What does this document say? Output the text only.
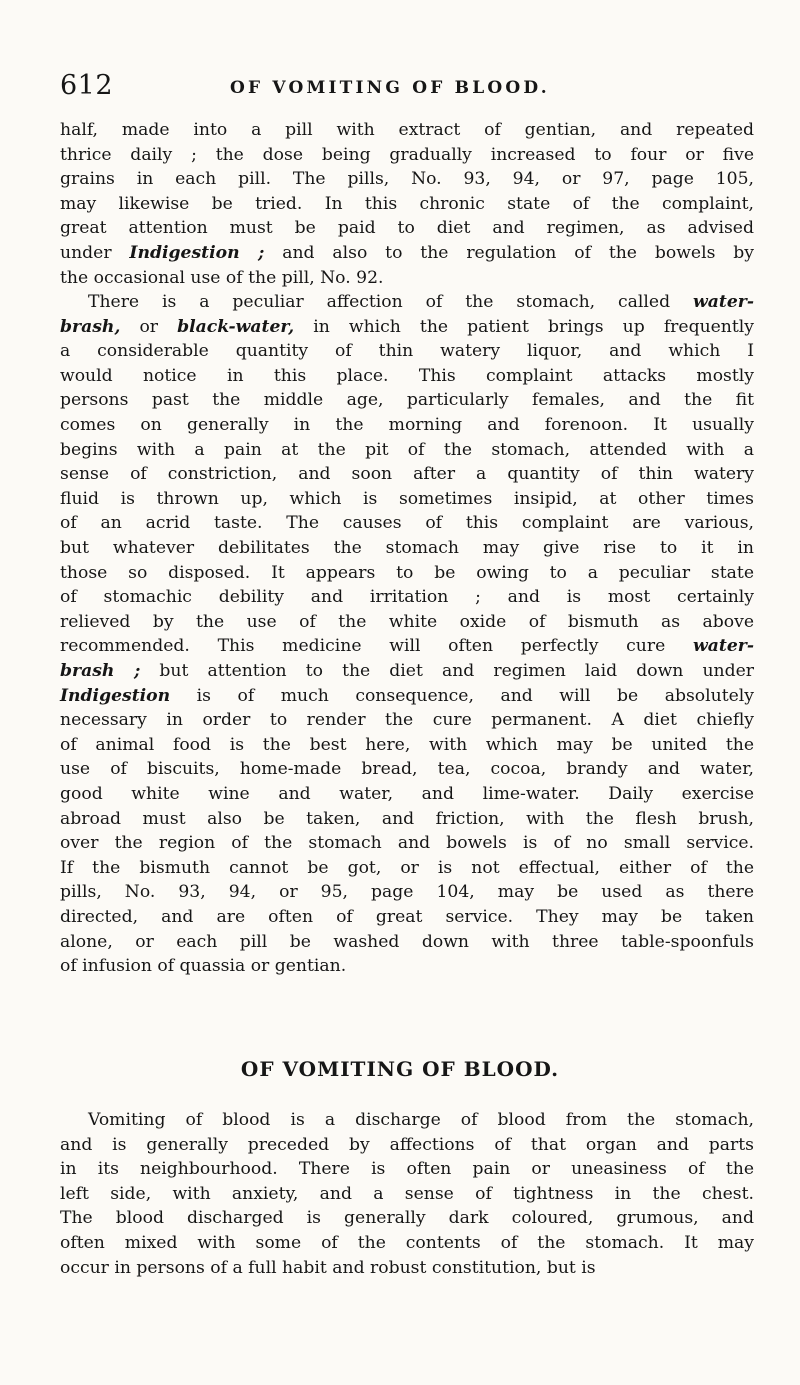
612	OF VOMITING OF BLOOD.
half, made into a pill with extract of gentian, and repeated
thrice daily ; the dose being gradually increased to four or five
grains in each pill. The pills, No. 93, 94, or 97, page 105,
may likewise be tried. In this chronic state of the complaint,
great attention must be paid to diet and regimen, as advised
under Indigestion ; and also to the regulation of the bowels by
the occasional use of the pill, No. 92.
There is a peculiar affection of the stomach, called water-
brash, or black-water, in which the patient brings up frequently
a considerable quantity of thin watery liquor, and which I
would notice in this place. This complaint attacks mostly
persons past the middle age, particularly females, and the fit
comes on generally in the morning and forenoon. It usually
begins with a pain at the pit of the stomach, attended with a
sense of constriction, and soon after a quantity of thin watery
fluid is thrown up, which is sometimes insipid, at other times
of an acrid taste. The causes of this complaint are various,
but whatever debilitates the stomach may give rise to it in
those so disposed. It appears to be owing to a peculiar state
of stomachic debility and irritation ; and is most certainly
relieved by the use of the white oxide of bismuth as above
recommended. This medicine will often perfectly cure water-
brash ; but attention to the diet and regimen laid down under
Indigestion is of much consequence, and will be absolutely
necessary in order to render the cure permanent. A diet chiefly
of animal food is the best here, with which may be united the
use of biscuits, home-made bread, tea, cocoa, brandy and water,
good white wine and water, and lime-water. Daily exercise
abroad must also be taken, and friction, with the flesh brush,
over the region of the stomach and bowels is of no small service.
If the bismuth cannot be got, or is not effectual, either of the
pills, No. 93, 94, or 95, page 104, may be used as there
directed, and are often of great service. They may be taken
alone, or each pill be washed down with three table-spoonfuls
of infusion of quassia or gentian.
OF VOMITING OF BLOOD.
Vomiting of blood is a discharge of blood from the stomach,
and is generally preceded by affections of that organ and parts
in its neighbourhood. There is often pain or uneasiness of the
left side, with anxiety, and a sense of tightness in the chest.
The blood discharged is generally dark coloured, grumous, and
often mixed with some of the contents of the stomach. It may
occur in persons of a full habit and robust constitution, but is
